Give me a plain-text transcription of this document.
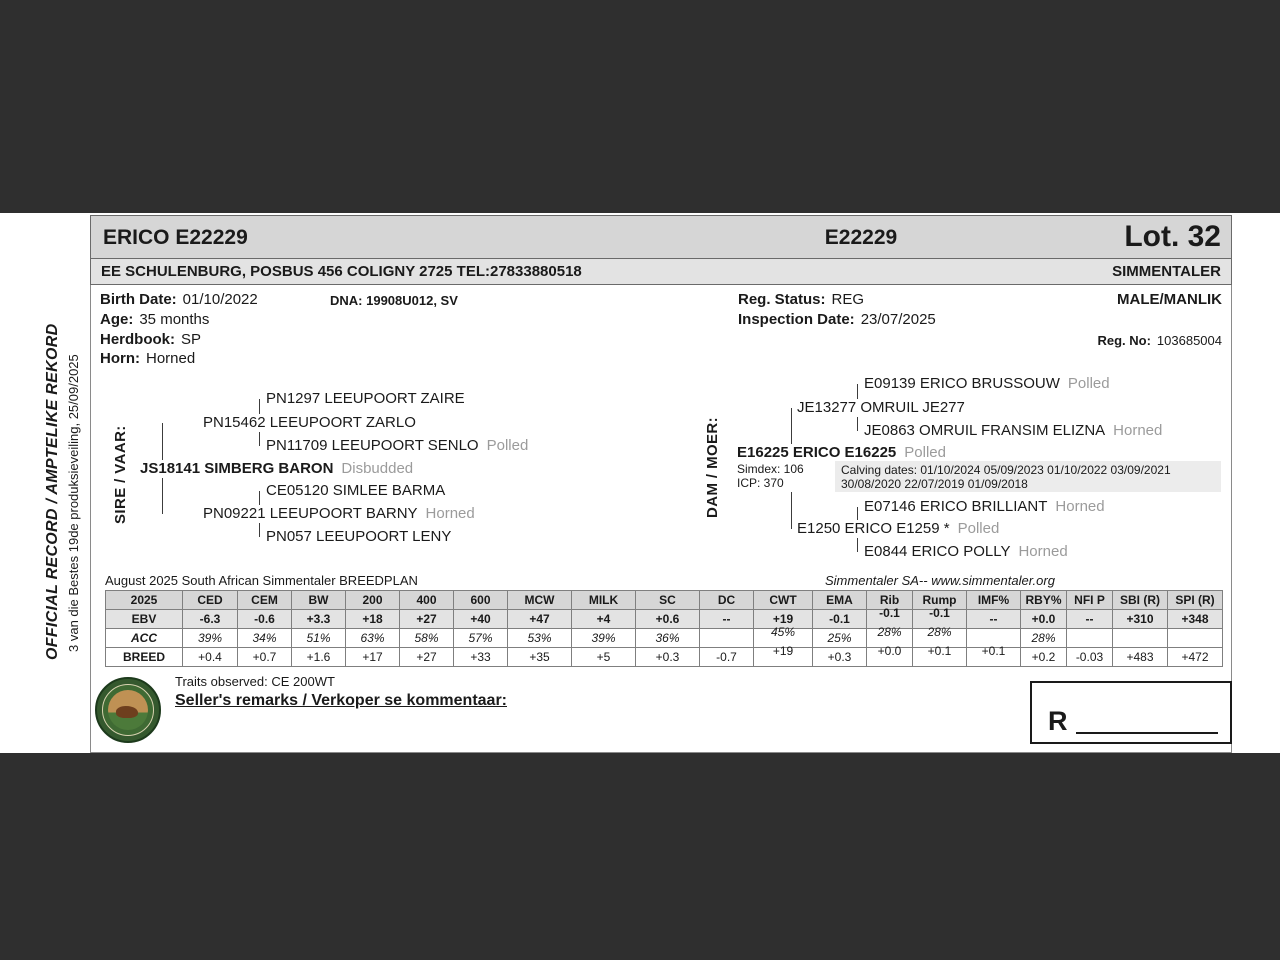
OFFICIAL RECORD / AMPTELIKE REKORD 3 van die Bestes 19de produksieveiling, 25/09/2025
ERICO E22229	E22229	Lot. 32
EE SCHULENBURG, POSBUS 456 COLIGNY 2725 TEL:27833880518	SIMMENTALER
Birth Date: 01/10/2022	DNA: 19908U012, SV	Reg. Status: REG	MALE/MANLIK
Age: 35 months	Inspection Date: 23/07/2025
Herdbook: SP	Reg. No: 103685004
Horn: Horned
SIRE / VAAR:	DAM / MOER:
PN1297 LEEUPOORT ZAIRE
PN15462 LEEUPOORT ZARLO
PN11709 LEEUPOORT SENLO Polled
JS18141 SIMBERG BARON Disbudded
CE05120 SIMLEE BARMA
PN09221 LEEUPOORT BARNY Horned
PN057 LEEUPOORT LENY
E09139 ERICO BRUSSOUW Polled
JE13277 OMRUIL JE277
JE0863 OMRUIL FRANSIM ELIZNA Horned
E16225 ERICO E16225 Polled
Simdex: 106
ICP: 370
Calving dates: 01/10/2024 05/09/2023 01/10/2022 03/09/2021
30/08/2020 22/07/2019 01/09/2018
E07146 ERICO BRILLIANT Horned
E1250 ERICO E1259 * Polled
E0844 ERICO POLLY Horned
August 2025 South African Simmentaler BREEDPLAN	Simmentaler SA-- www.simmentaler.org
2025	CED	CEM	BW	200	400	600	MCW	MILK	SC	DC	CWT	EMA	Rib	Rump	IMF%	RBY%	NFI P	SBI (R)	SPI (R)
EBV	-6.3	-0.6	+3.3	+18	+27	+40	+47	+4	+0.6	--	+19	-0.1	-0.1	-0.1	--	+0.0	--	+310	+348
ACC	39%	34%	51%	63%	58%	57%	53%	39%	36%		45%	25%	28%	28%		28%			
BREED	+0.4	+0.7	+1.6	+17	+27	+33	+35	+5	+0.3	-0.7	+19	+0.3	+0.0	+0.1	+0.1	+0.2	-0.03	+483	+472
Traits observed: CE 200WT
Seller's remarks / Verkoper se kommentaar:
R
